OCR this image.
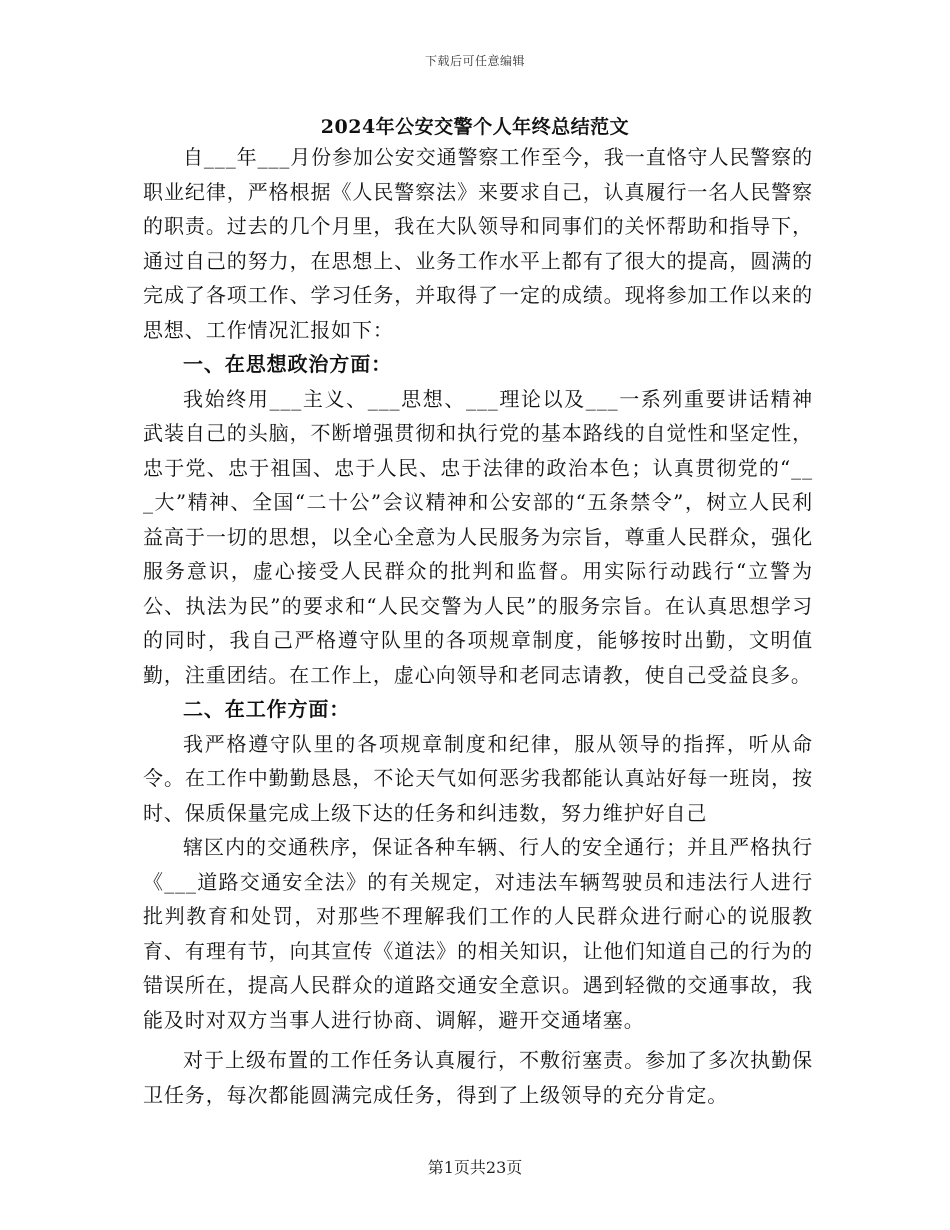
下载后可任意编辑
2024年公安交警个人年终总结范文

自___年___月份参加公安交通警察工作至今，我一直恪守人民警察的职业纪律，严格根据《人民警察法》来要求自己，认真履行一名人民警察的职责。过去的几个月里，我在大队领导和同事们的关怀帮助和指导下，通过自己的努力，在思想上、业务工作水平上都有了很大的提高，圆满的完成了各项工作、学习任务，并取得了一定的成绩。现将参加工作以来的思想、工作情况汇报如下：

一、在思想政治方面：

我始终用___主义、___思想、___理论以及___一系列重要讲话精神武装自己的头脑，不断增强贯彻和执行党的基本路线的自觉性和坚定性，忠于党、忠于祖国、忠于人民、忠于法律的政治本色；认真贯彻党的“___大”精神、全国“二十公”会议精神和公安部的“五条禁令”，树立人民利益高于一切的思想，以全心全意为人民服务为宗旨，尊重人民群众，强化服务意识，虚心接受人民群众的批判和监督。用实际行动践行“立警为公、执法为民”的要求和“人民交警为人民”的服务宗旨。在认真思想学习的同时，我自己严格遵守队里的各项规章制度，能够按时出勤，文明值勤，注重团结。在工作上，虚心向领导和老同志请教，使自己受益良多。

二、在工作方面：

我严格遵守队里的各项规章制度和纪律，服从领导的指挥，听从命令。在工作中勤勤恳恳，不论天气如何恶劣我都能认真站好每一班岗，按时、保质保量完成上级下达的任务和纠违数，努力维护好自己

辖区内的交通秩序，保证各种车辆、行人的安全通行；并且严格执行《___道路交通安全法》的有关规定，对违法车辆驾驶员和违法行人进行批判教育和处罚，对那些不理解我们工作的人民群众进行耐心的说服教育、有理有节，向其宣传《道法》的相关知识，让他们知道自己的行为的错误所在，提高人民群众的道路交通安全意识。遇到轻微的交通事故，我能及时对双方当事人进行协商、调解，避开交通堵塞。

对于上级布置的工作任务认真履行，不敷衍塞责。参加了多次执勤保卫任务，每次都能圆满完成任务，得到了上级领导的充分肯定。

第1页共23页
